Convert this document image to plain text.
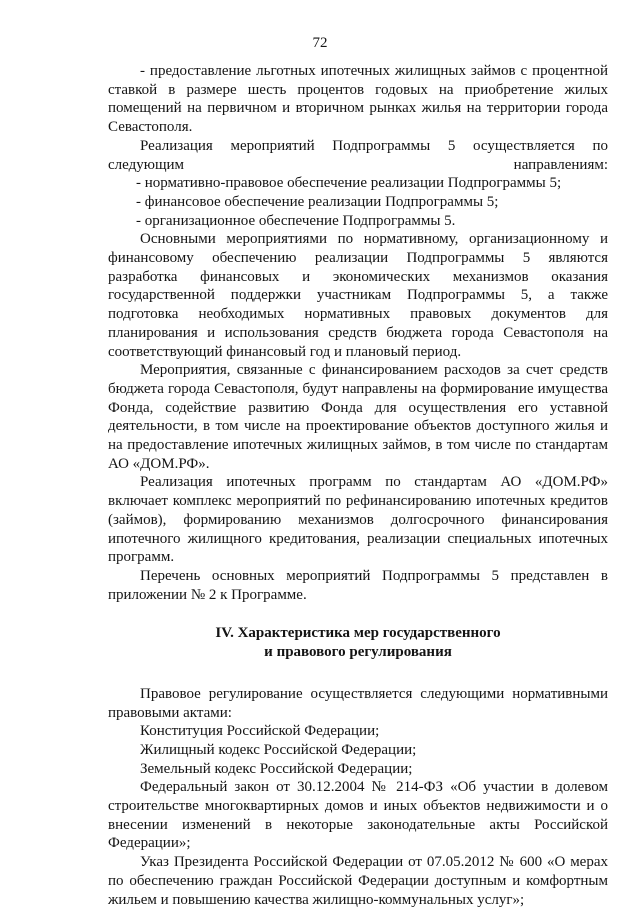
72

- предоставление льготных ипотечных жилищных займов с процентной ставкой в размере шесть процентов годовых на приобретение жилых помещений на первичном и вторичном рынках жилья на территории города Севастополя.

Реализация мероприятий Подпрограммы 5 осуществляется по следующим направлениям:

- нормативно-правовое обеспечение реализации Подпрограммы 5;

- финансовое обеспечение реализации Подпрограммы 5;

- организационное обеспечение Подпрограммы 5.

Основными мероприятиями по нормативному, организационному и финансовому обеспечению реализации Подпрограммы 5 являются разработка финансовых и экономических механизмов оказания государственной поддержки участникам Подпрограммы 5, а также подготовка необходимых нормативных правовых документов для планирования и использования средств бюджета города Севастополя на соответствующий финансовый год и плановый период.

Мероприятия, связанные с финансированием расходов за счет средств бюджета города Севастополя, будут направлены на формирование имущества Фонда, содействие развитию Фонда для осуществления его уставной деятельности, в том числе на проектирование объектов доступного жилья и на предоставление ипотечных жилищных займов, в том числе по стандартам АО «ДОМ.РФ».

Реализация ипотечных программ по стандартам АО «ДОМ.РФ» включает комплекс мероприятий по рефинансированию ипотечных кредитов (займов), формированию механизмов долгосрочного финансирования ипотечного жилищного кредитования, реализации специальных ипотечных программ.

Перечень основных мероприятий Подпрограммы 5 представлен в приложении № 2 к Программе.

IV. Характеристика мер государственного

и правового регулирования

Правовое регулирование осуществляется следующими нормативными правовыми актами:

Конституция Российской Федерации;

Жилищный кодекс Российской Федерации;

Земельный кодекс Российской Федерации;

Федеральный закон от 30.12.2004 № 214-ФЗ «Об участии в долевом строительстве многоквартирных домов и иных объектов недвижимости и о внесении изменений в некоторые законодательные акты Российской Федерации»;

Указ Президента Российской Федерации от 07.05.2012 № 600 «О мерах по обеспечению граждан Российской Федерации доступным и комфортным жильем и повышению качества жилищно-коммунальных услуг»;
